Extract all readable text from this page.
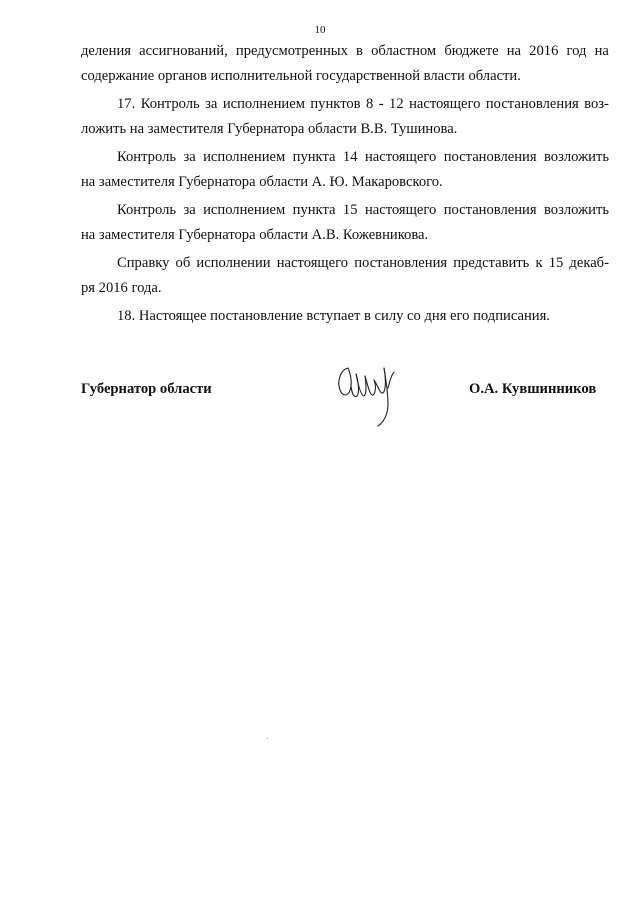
10
деления ассигнований, предусмотренных в областном бюджете на 2016 год на
содержание органов исполнительной государственной власти области.
17. Контроль за исполнением пунктов 8 - 12 настоящего постановления воз-
ложить на заместителя Губернатора области В.В. Тушинова.
Контроль за исполнением пункта 14 настоящего постановления возложить
на заместителя Губернатора области А. Ю. Макаровского.
Контроль за исполнением пункта 15 настоящего постановления возложить
на заместителя Губернатора области А.В. Кожевникова.
Справку об исполнении настоящего постановления представить к 15 декаб-
ря 2016 года.
18. Настоящее постановление вступает в силу со дня его подписания.
Губернатор области	О.А. Кувшинников
